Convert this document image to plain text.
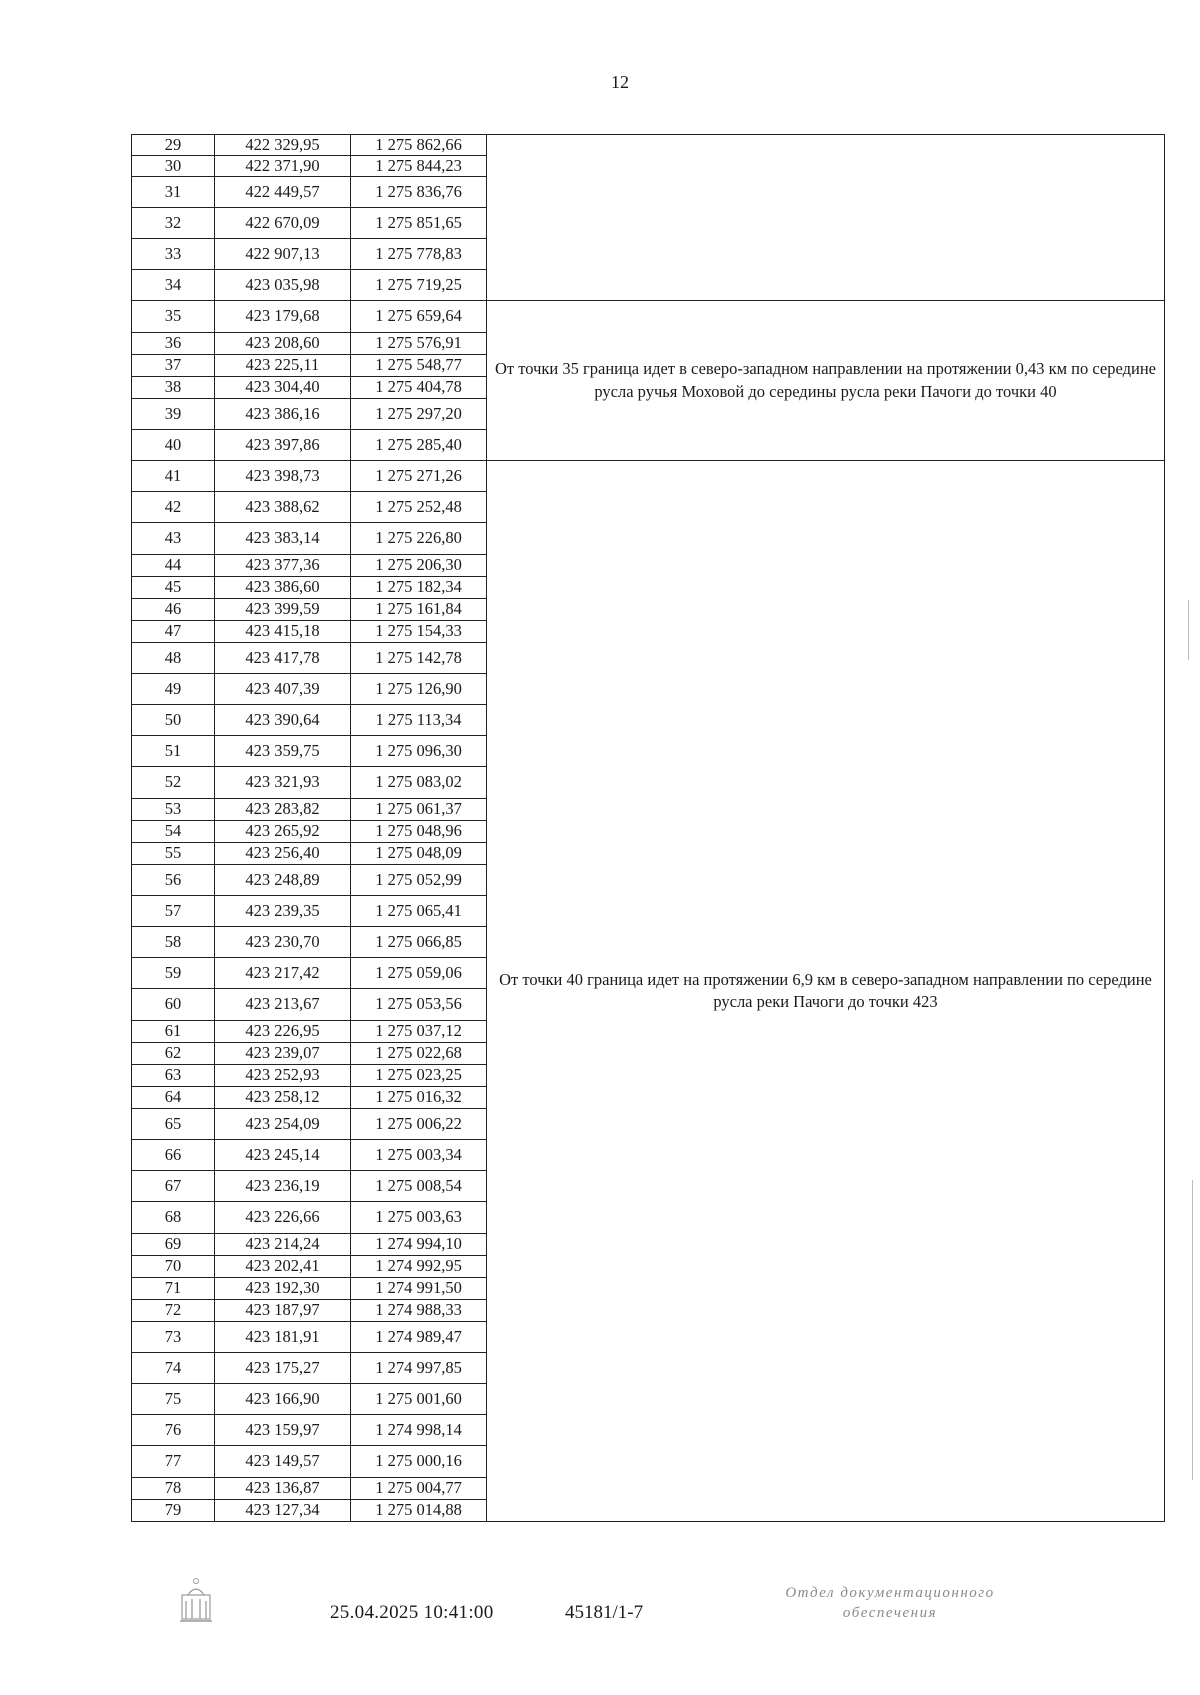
12
29	422 329,95	1 275 862,66	
30	422 371,90	1 275 844,23	
31	422 449,57	1 275 836,76	
32	422 670,09	1 275 851,65	
33	422 907,13	1 275 778,83	
34	423 035,98	1 275 719,25	
35	423 179,68	1 275 659,64	От точки 35 граница идет в северо-западном направлении на протяжении 0,43 км по середине русла ручья Моховой до середины русла реки Пачоги до точки 40
36	423 208,60	1 275 576,91	
37	423 225,11	1 275 548,77	
38	423 304,40	1 275 404,78	
39	423 386,16	1 275 297,20	
40	423 397,86	1 275 285,40	
41	423 398,73	1 275 271,26	От точки 40 граница идет на протяжении 6,9 км в северо-западном направлении по середине русла реки Пачоги до точки 423
42	423 388,62	1 275 252,48	
43	423 383,14	1 275 226,80	
44	423 377,36	1 275 206,30	
45	423 386,60	1 275 182,34	
46	423 399,59	1 275 161,84	
47	423 415,18	1 275 154,33	
48	423 417,78	1 275 142,78	
49	423 407,39	1 275 126,90	
50	423 390,64	1 275 113,34	
51	423 359,75	1 275 096,30	
52	423 321,93	1 275 083,02	
53	423 283,82	1 275 061,37	
54	423 265,92	1 275 048,96	
55	423 256,40	1 275 048,09	
56	423 248,89	1 275 052,99	
57	423 239,35	1 275 065,41	
58	423 230,70	1 275 066,85	
59	423 217,42	1 275 059,06	
60	423 213,67	1 275 053,56	
61	423 226,95	1 275 037,12	
62	423 239,07	1 275 022,68	
63	423 252,93	1 275 023,25	
64	423 258,12	1 275 016,32	
65	423 254,09	1 275 006,22	
66	423 245,14	1 275 003,34	
67	423 236,19	1 275 008,54	
68	423 226,66	1 275 003,63	
69	423 214,24	1 274 994,10	
70	423 202,41	1 274 992,95	
71	423 192,30	1 274 991,50	
72	423 187,97	1 274 988,33	
73	423 181,91	1 274 989,47	
74	423 175,27	1 274 997,85	
75	423 166,90	1 275 001,60	
76	423 159,97	1 274 998,14	
77	423 149,57	1 275 000,16	
78	423 136,87	1 275 004,77	
79	423 127,34	1 275 014,88	
25.04.2025 10:41:00	45181/1-7
Отдел документационного
обеспечения
